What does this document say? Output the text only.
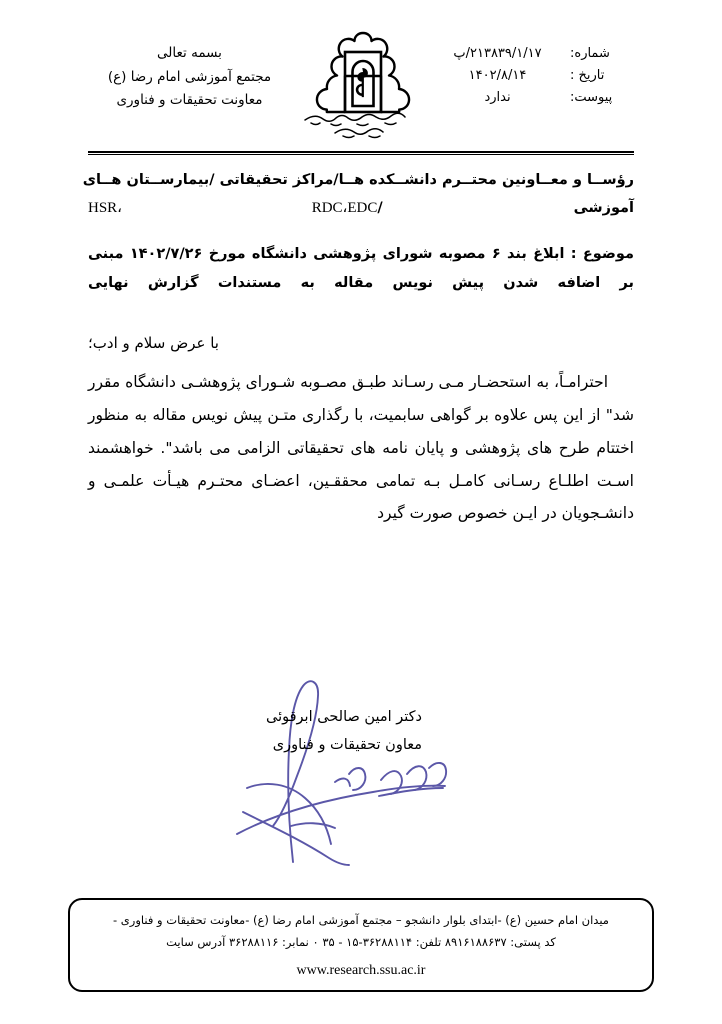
شماره:
۲۱۳۸۳۹/۱/۱۷/پ
تاریخ :
۱۴۰۲/۸/۱۴
پیوست:
ندارد
بسمه تعالی
مجتمع آموزشی امام رضا (ع)
معاونت تحقیقات و فناوری
رؤســا و معــاونین محتــرم دانشــکده هــا/مراکز تحقیقاتی /بیمارســتان هــای
آموزشی /HSR، RDC،EDC
موضوع : ابلاغ بند ۶ مصوبه شورای پژوهشی دانشگاه مورخ ۱۴۰۲/۷/۲۶ مبنی
بر اضافه شدن پیش نویس مقاله به مستندات گزارش نهایی
با عرض سلام و ادب؛

احترامـاً، به استحضـار مـی رسـاند طبـق مصـوبه شـورای پژوهشـی دانشگاه مقرر شد" از این پس علاوه بر گواهی سابمیت، با رگذاری متـن پیش نویس مقاله به منظور اختتام طرح های پژوهشی و پایان نامه های تحقیقاتی الزامی می باشد". خواهشمند اسـت اطلـاع رسـانی کامـل بـه تمامی محققـین، اعضـای محتـرم هیـأت علمـی و دانشـجویان در ایـن خصوص صورت گیرد

دکتر امین صالحی ابرقوئی
معاون تحقیقات و فناوری
میدان امام حسین (ع) -ابتدای بلوار دانشجو – مجتمع آموزشی امام رضا (ع) -معاونت تحقیقات و فناوری -
کد پستی: ۸۹۱۶۱۸۸۶۳۷ تلفن: ۳۶۲۸۸۱۱۴-۱۵ - ۳۵ ۰ نمابر: ۳۶۲۸۸۱۱۶ آدرس سایت
www.research.ssu.ac.ir
